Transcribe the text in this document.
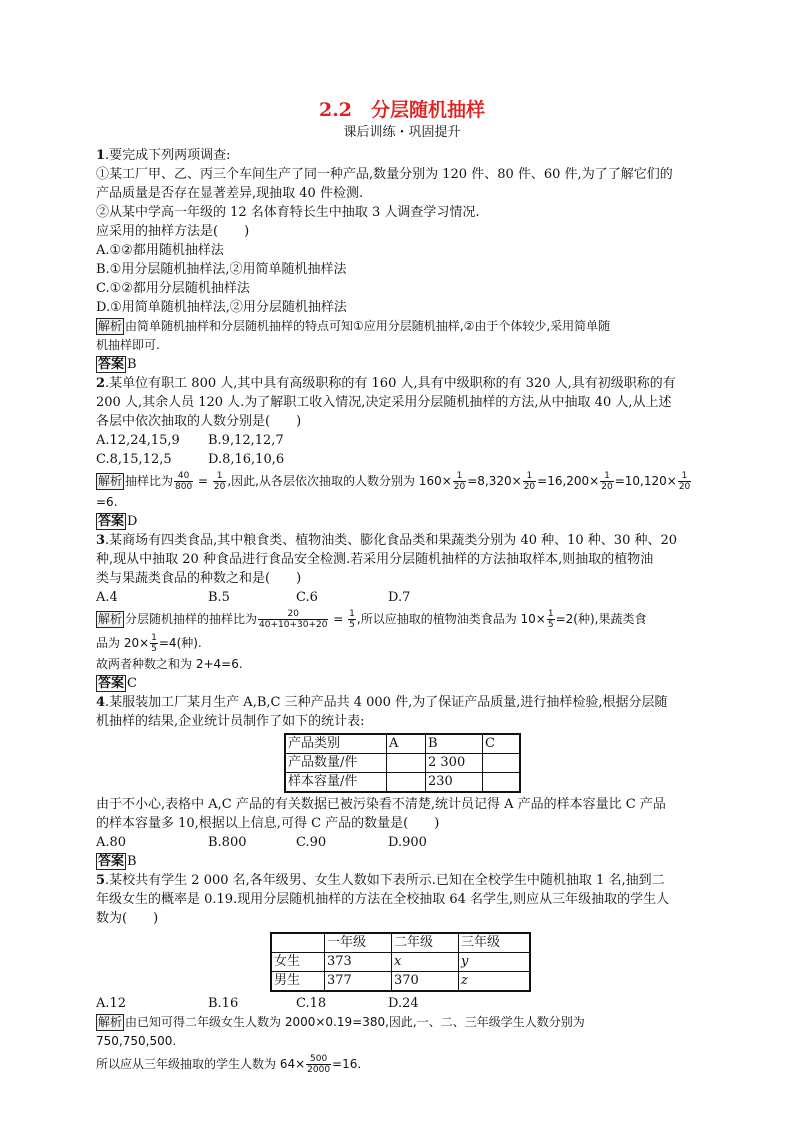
2.2　分层随机抽样
课后训练・巩固提升

1.要完成下列两项调查:

①某工厂甲、乙、丙三个车间生产了同一种产品,数量分别为 120 件、80 件、60 件,为了了解它们的

产品质量是否存在显著差异,现抽取 40 件检测.

②从某中学高一年级的 12 名体育特长生中抽取 3 人调查学习情况.

应采用的抽样方法是(　　)

A.①②都用随机抽样法

B.①用分层随机抽样法,②用简单随机抽样法

C.①②都用分层随机抽样法

D.①用简单随机抽样法,②用分层随机抽样法

解析 由简单随机抽样和分层随机抽样的特点可知①应用分层随机抽样,②由于个体较少,采用简单随

机抽样即可.

答案 B

2.某单位有职工 800 人,其中具有高级职称的有 160 人,具有中级职称的有 320 人,具有初级职称的有

200 人,其余人员 120 人.为了解职工收入情况,决定采用分层随机抽样的方法,从中抽取 40 人,从上述

各层中依次抽取的人数分别是(　　)

A.12,24,15,9	B.9,12,12,7
C.8,15,12,5	D.8,16,10,6

解析 抽样比为 $\frac{40}{800} = \frac{1}{20}$ ,因此,从各层依次抽取的人数分别为 $160\times \frac{1}{20} =8,320\times \frac{1}{20} =16,200\times \frac{1}{20} =10,120\times \frac{1}{20}$

=6.

答案 D

3.某商场有四类食品,其中粮食类、植物油类、膨化食品类和果蔬类分别为 40 种、10 种、30 种、20

种,现从中抽取 20 种食品进行食品安全检测.若采用分层随机抽样的方法抽取样本,则抽取的植物油

类与果蔬类食品的种数之和是(　　)

A.4	B.5	C.6	D.7

解析 分层随机抽样的抽样比为 $\frac{20}{40+10+30+20} = \frac{1}{5}$ ,所以应抽取的植物油类食品为 $10\times \frac{1}{5} =2$(种),果蔬类食

品为 $20\times \frac{1}{5} =4$(种).

故两者种数之和为 2+4=6.

答案 C

4.某服装加工厂某月生产 A,B,C 三种产品共 4 000 件,为了保证产品质量,进行抽样检验,根据分层随

机抽样的结果,企业统计员制作了如下的统计表:

产品类别	A	B	C
产品数量/件		2 300	
样本容量/件		230	

由于不小心,表格中 A,C 产品的有关数据已被污染看不清楚,统计员记得 A 产品的样本容量比 C 产品

的样本容量多 10,根据以上信息,可得 C 产品的数量是(　　)

A.80	B.800	C.90	D.900

答案 B

5.某校共有学生 2 000 名,各年级男、女生人数如下表所示.已知在全校学生中随机抽取 1 名,抽到二

年级女生的概率是 0.19.现用分层随机抽样的方法在全校抽取 64 名学生,则应从三年级抽取的学生人

数为(　　)

	一年级	二年级	三年级
女生	373	x	y
男生	377	370	z
A.12	B.16	C.18	D.24

解析 由已知可得二年级女生人数为 2000×0.19=380,因此,一、二、三年级学生人数分别为

750,750,500.

所以应从三年级抽取的学生人数为 $64\times \frac{500}{2000} =16$.
